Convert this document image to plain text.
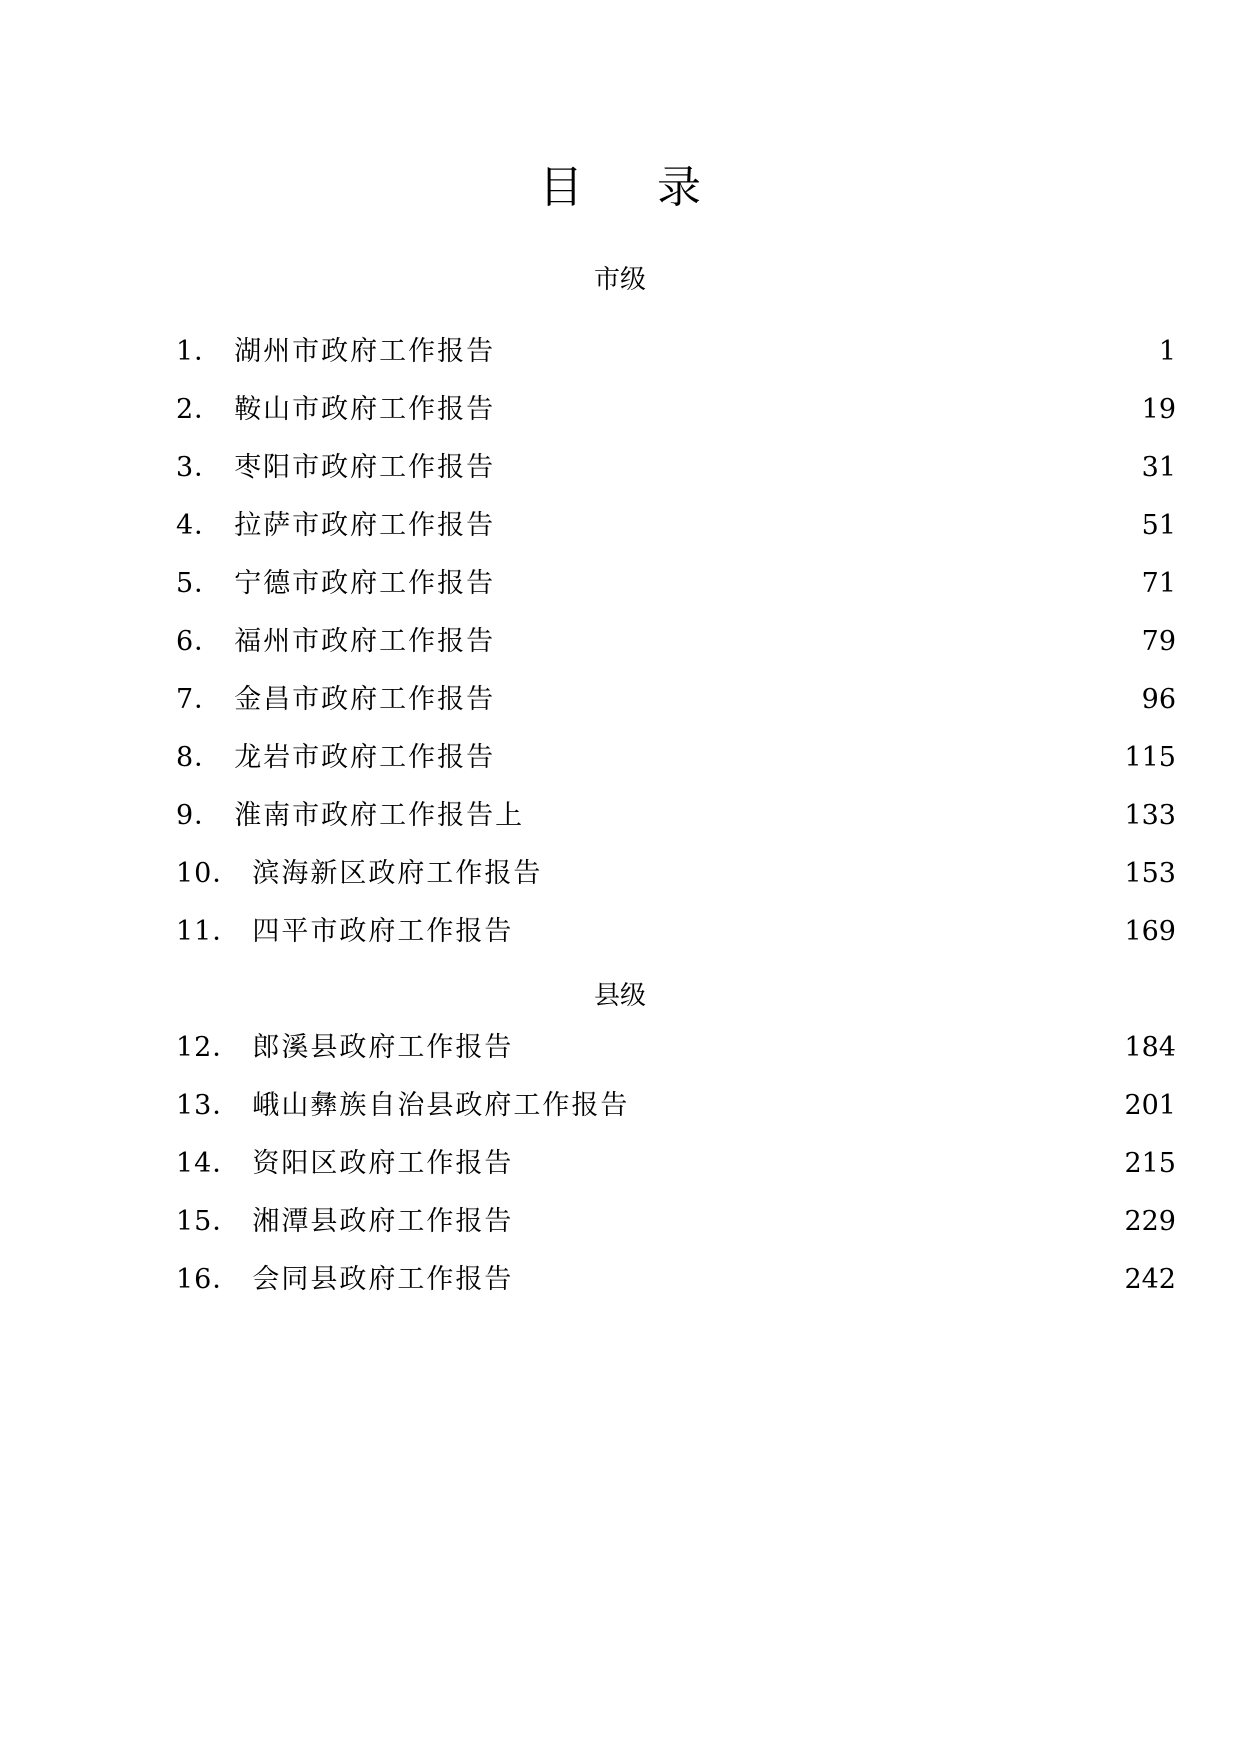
目 录
市级
1． 湖州市政府工作报告	1
2． 鞍山市政府工作报告	19
3． 枣阳市政府工作报告	31
4． 拉萨市政府工作报告	51
5． 宁德市政府工作报告	71
6． 福州市政府工作报告	79
7． 金昌市政府工作报告	96
8． 龙岩市政府工作报告	115
9． 淮南市政府工作报告上	133
10． 滨海新区政府工作报告	153
11． 四平市政府工作报告	169
县级
12． 郎溪县政府工作报告	184
13． 峨山彝族自治县政府工作报告	201
14． 资阳区政府工作报告	215
15． 湘潭县政府工作报告	229
16． 会同县政府工作报告	242
